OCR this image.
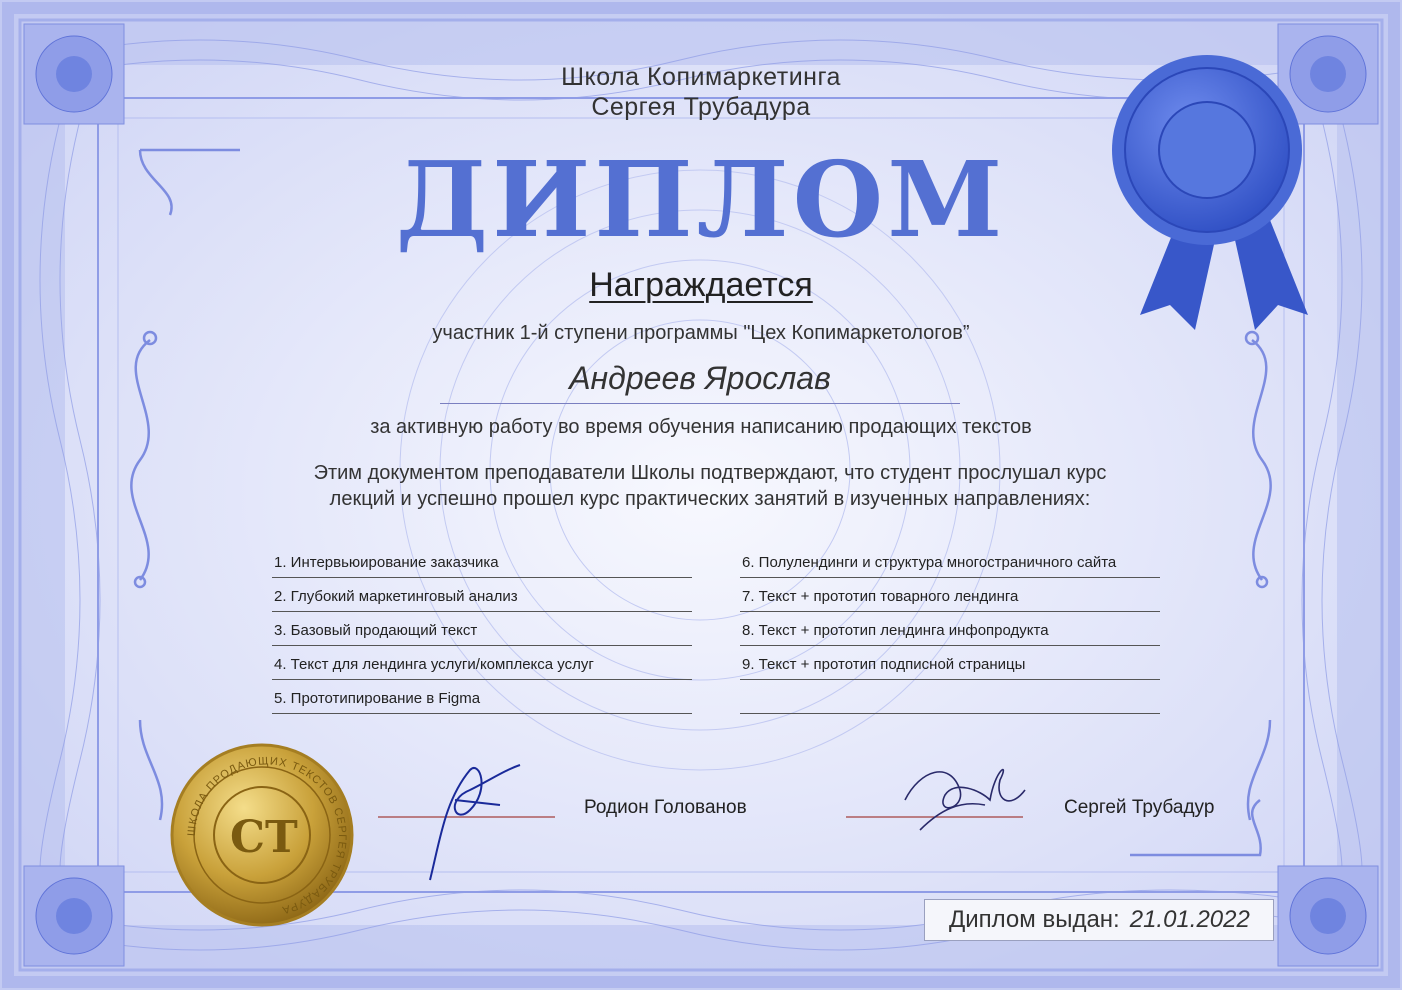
CT
ШКОЛА ПРОДАЮЩИХ ТЕКСТОВ СЕРГЕЯ ТРУБАДУРА
Школа Копимаркетинга
Сергея Трубадура
ДИПЛОМ
Награждается
участник 1-й ступени программы "Цех Копимаркетологов”
Андреев Ярослав
за активную работу во время обучения написанию продающих текстов
Этим документом преподаватели Школы подтверждают, что студент прослушал курс
лекций и успешно прошел курс практических занятий в изученных направлениях:
1. Интервьюирование заказчика
2. Глубокий маркетинговый анализ
3. Базовый продающий текст
4. Текст для лендинга услуги/комплекса услуг
5. Прототипирование в Figma
6. Полулендинги и структура многостраничного сайта
7. Текст + прототип товарного лендинга
8. Текст + прототип лендинга инфопродукта
9. Текст + прототип подписной страницы
Родион Голованов	Сергей Трубадур
Диплом выдан: 21.01.2022
